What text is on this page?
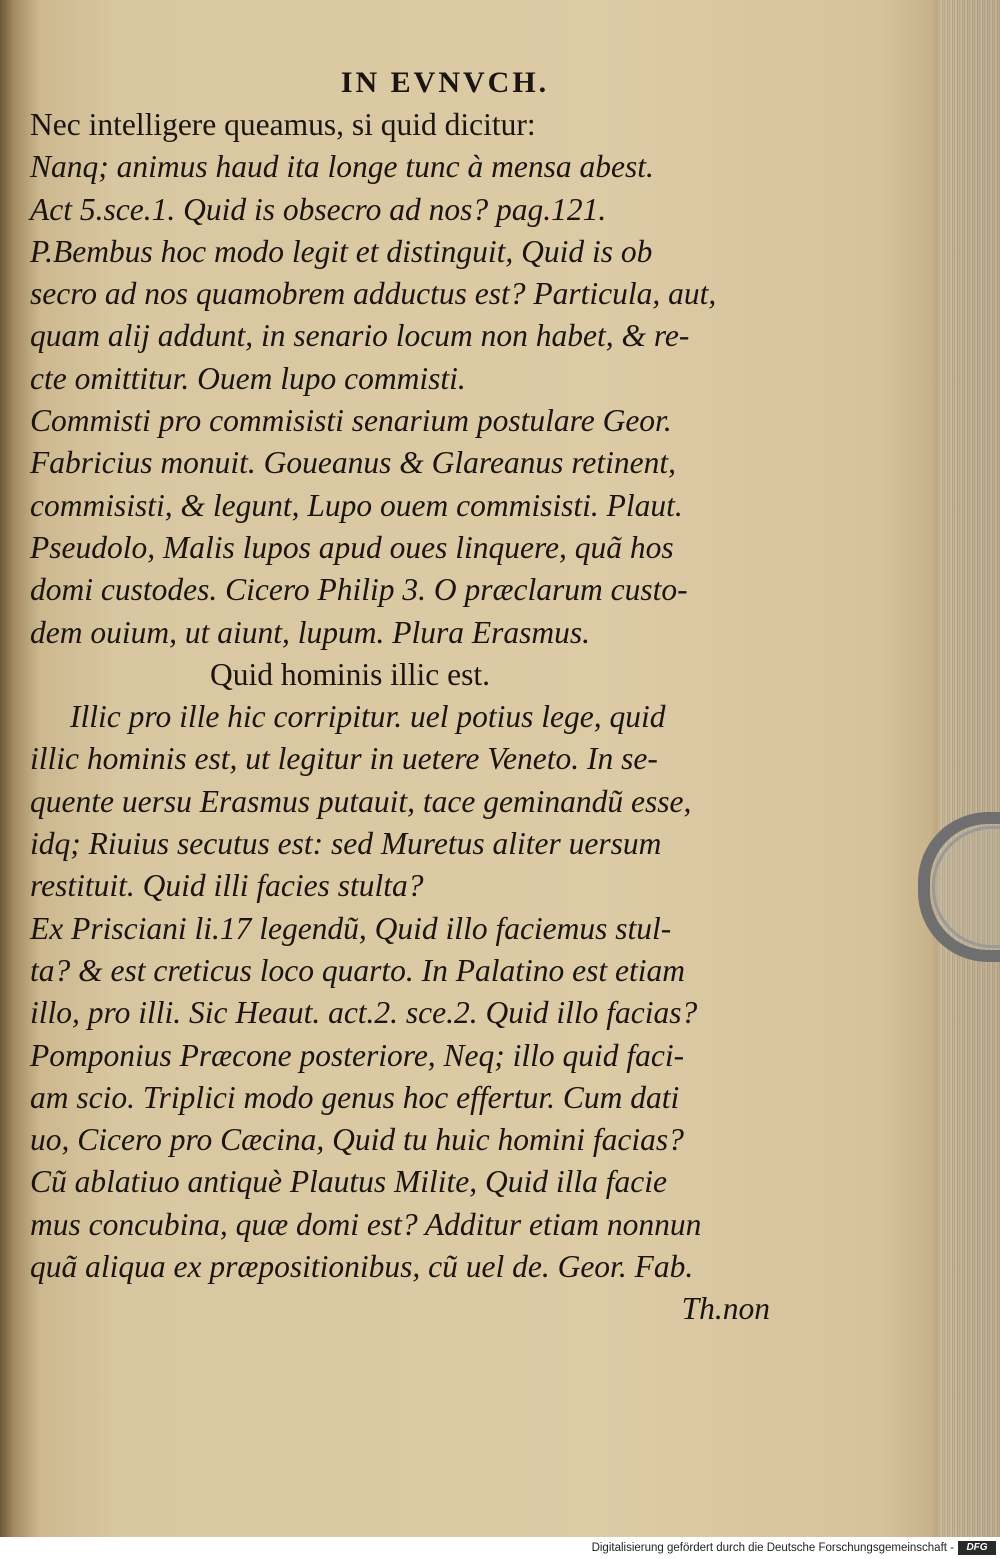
IN EVNVCH.
Nec intelligere queamus, si quid dicitur:
Nanq; animus haud ita longe tunc à mensa abest.
Act 5.sce.1. Quid is obsecro ad nos? pag.121.
P.Bembus hoc modo legit et distinguit, Quid is ob
secro ad nos quamobrem adductus est? Particula, aut,
quam alij addunt, in senario locum non habet, & re-
cte omittitur. Ouem lupo commisti.
Commisti pro commisisti senarium postulare Geor.
Fabricius monuit. Goueanus & Glareanus retinent,
commisisti, & legunt, Lupo ouem commisisti. Plaut.
Pseudolo, Malis lupos apud oues linquere, quã hos
domi custodes. Cicero Philip 3. O præclarum custo-
dem ouium, ut aiunt, lupum. Plura Erasmus.
Quid hominis illic est.
Illic pro ille hic corripitur. uel potius lege, quid
illic hominis est, ut legitur in uetere Veneto. In se-
quente uersu Erasmus putauit, tace geminandũ esse,
idq; Riuius secutus est: sed Muretus aliter uersum
restituit. Quid illi facies stulta?
Ex Prisciani li.17 legendũ, Quid illo faciemus stul-
ta? & est creticus loco quarto. In Palatino est etiam
illo, pro illi. Sic Heaut. act.2. sce.2. Quid illo facias?
Pomponius Præcone posteriore, Neq; illo quid faci-
am scio. Triplici modo genus hoc effertur. Cum dati
uo, Cicero pro Cæcina, Quid tu huic homini facias?
Cũ ablatiuo antiquè Plautus Milite, Quid illa facie
mus concubina, quæ domi est? Additur etiam nonnun
quã aliqua ex præpositionibus, cũ uel de. Geor. Fab.
Th.non
Digitalisierung gefördert durch die Deutsche Forschungsgemeinschaft -	DFG
